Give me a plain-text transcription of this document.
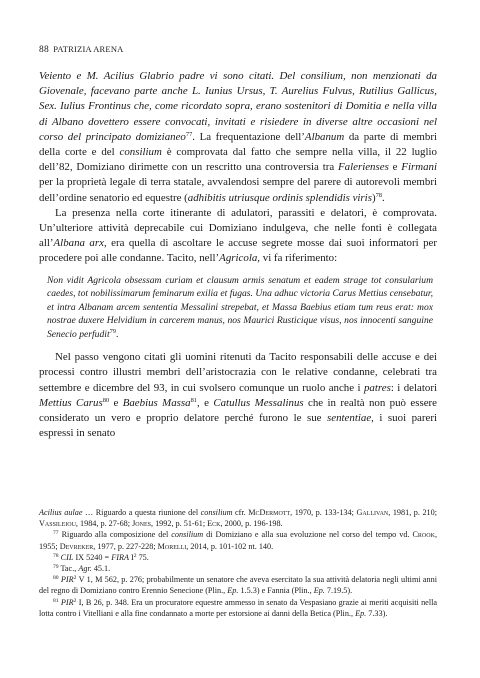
88 PATRIZIA ARENA

Veiento e M. Acilius Glabrio padre vi sono citati. Del consilium, non menzionati da Giovenale, facevano parte anche L. Iunius Ursus, T. Aurelius Fulvus, Rutilius Gallicus, Sex. Iulius Frontinus che, come ricordato sopra, erano sostenitori di Domitia e nella villa di Albano dovettero essere convocati, invitati e risiedere in diverse altre occasioni nel corso del principato domizianeo$^{77}$. La frequentazione dell’Albanum da parte di membri della corte e del consilium è comprovata dal fatto che sempre nella villa, il 22 luglio dell’82, Domiziano dirimette con un rescritto una controversia tra Falerienses e Firmani per la proprietà legale di terra statale, avvalendosi sempre del parere di autorevoli membri dell’ordine senatorio ed equestre (adhibitis utriusque ordinis splendidis viris)$^{78}$.

La presenza nella corte itinerante di adulatori, parassiti e delatori, è comprovata. Un’ulteriore attività deprecabile cui Domiziano indulgeva, che nelle fonti è collegata all’Albana arx, era quella di ascoltare le accuse segrete mosse dai suoi informatori per procedere poi alle condanne. Tacito, nell’Agricola, vi fa riferimento:

Non vidit Agricola obsessam curiam et clausum armis senatum et eadem strage tot consularium caedes, tot nobilissimarum feminarum exilia et fugas. Una adhuc victoria Carus Mettius censebatur, et intra Albanam arcem sententia Messalini strepebat, et Massa Baebius etiam tum reus erat: mox nostrae duxere Helvidium in carcerem manus, nos Maurici Rusticique visus, nos innocenti sanguine Senecio perfudit$^{79}$.

Nel passo vengono citati gli uomini ritenuti da Tacito responsabili delle accuse e dei processi contro illustri membri dell’aristocrazia con le relative condanne, celebrati tra settembre e dicembre del 93, in cui svolsero comunque un ruolo anche i patres: i delatori Mettius Carus$^{80}$ e Baebius Massa$^{81}$, e Catullus Messalinus che in realtà non può essere considerato un vero e proprio delatore perché furono le sue sententiae, i suoi pareri espressi in senato

Acilius aulae … Riguardo a questa riunione del consilium cfr. McDermott, 1970, p. 133-134; Gallivan, 1981, p. 210; Vassileiou, 1984, p. 27-68; Jones, 1992, p. 51-61; Eck, 2000, p. 196-198.

$^{77}$ Riguardo alla composizione del consilium di Domiziano e alla sua evoluzione nel corso del tempo vd. Crook, 1955; Devreker, 1977, p. 227-228; Morelli, 2014, p. 101-102 nt. 140.

$^{78}$ CIL IX 5240 = FIRA $I^2$ 75.

$^{79}$ Tac., Agr. 45.1.

$^{80}$ PIR$^2$ V 1, M 562, p. 276; probabilmente un senatore che aveva esercitato la sua attività delatoria negli ultimi anni del regno di Domiziano contro Erennio Senecione (Plin., Ep. 1.5.3) e Fannia (Plin., Ep. 7.19.5).

$^{81}$ PIR$^2$ I, B 26, p. 348. Era un procuratore equestre ammesso in senato da Vespasiano grazie ai meriti acquisiti nella lotta contro i Vitelliani e alla fine condannato a morte per estorsione ai danni della Betica (Plin., Ep. 7.33).
